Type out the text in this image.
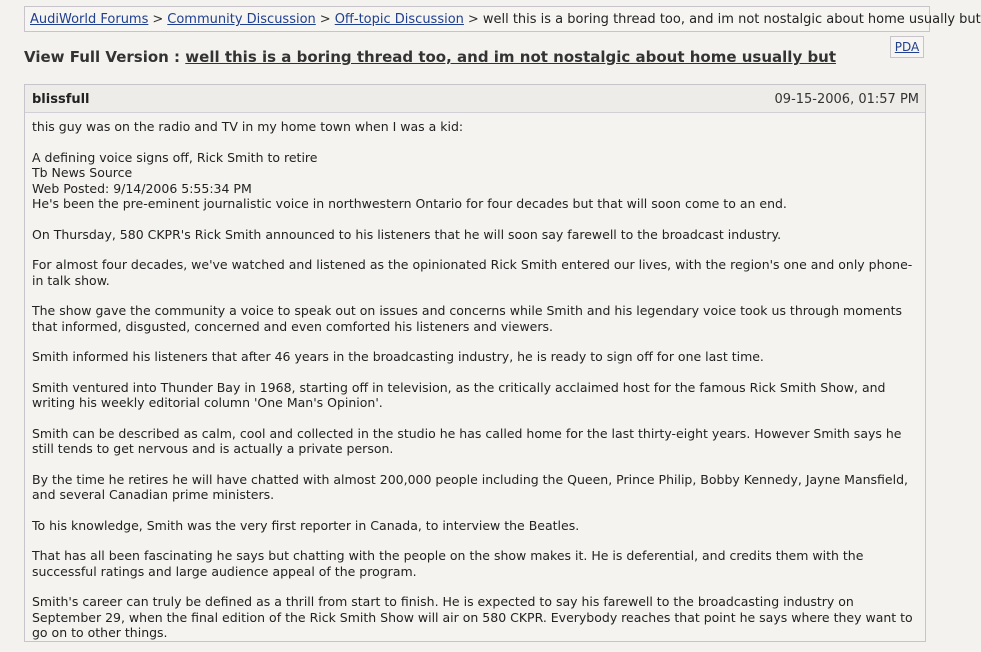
AudiWorld Forums > Community Discussion > Off-topic Discussion > well this is a boring thread too, and im not nostalgic about home usually but
PDA
View Full Version : well this is a boring thread too, and im not nostalgic about home usually but
blissfull	09-15-2006, 01:57 PM

this guy was on the radio and TV in my home town when I was a kid:

A defining voice signs off, Rick Smith to retire

Tb News Source

Web Posted: 9/14/2006 5:55:34 PM

He's been the pre-eminent journalistic voice in northwestern Ontario for four decades but that will soon come to an end.

On Thursday, 580 CKPR's Rick Smith announced to his listeners that he will soon say farewell to the broadcast industry.

For almost four decades, we've watched and listened as the opinionated Rick Smith entered our lives, with the region's one and only phone-in talk show.

The show gave the community a voice to speak out on issues and concerns while Smith and his legendary voice took us through moments that informed, disgusted, concerned and even comforted his listeners and viewers.

Smith informed his listeners that after 46 years in the broadcasting industry, he is ready to sign off for one last time.

Smith ventured into Thunder Bay in 1968, starting off in television, as the critically acclaimed host for the famous Rick Smith Show, and writing his weekly editorial column 'One Man's Opinion'.

Smith can be described as calm, cool and collected in the studio he has called home for the last thirty-eight years. However Smith says he still tends to get nervous and is actually a private person.

By the time he retires he will have chatted with almost 200,000 people including the Queen, Prince Philip, Bobby Kennedy, Jayne Mansfield, and several Canadian prime ministers.

To his knowledge, Smith was the very first reporter in Canada, to interview the Beatles.

That has all been fascinating he says but chatting with the people on the show makes it. He is deferential, and credits them with the successful ratings and large audience appeal of the program.

Smith's career can truly be defined as a thrill from start to finish. He is expected to say his farewell to the broadcasting industry on September 29, when the final edition of the Rick Smith Show will air on 580 CKPR. Everybody reaches that point he says where they want to go on to other things.
